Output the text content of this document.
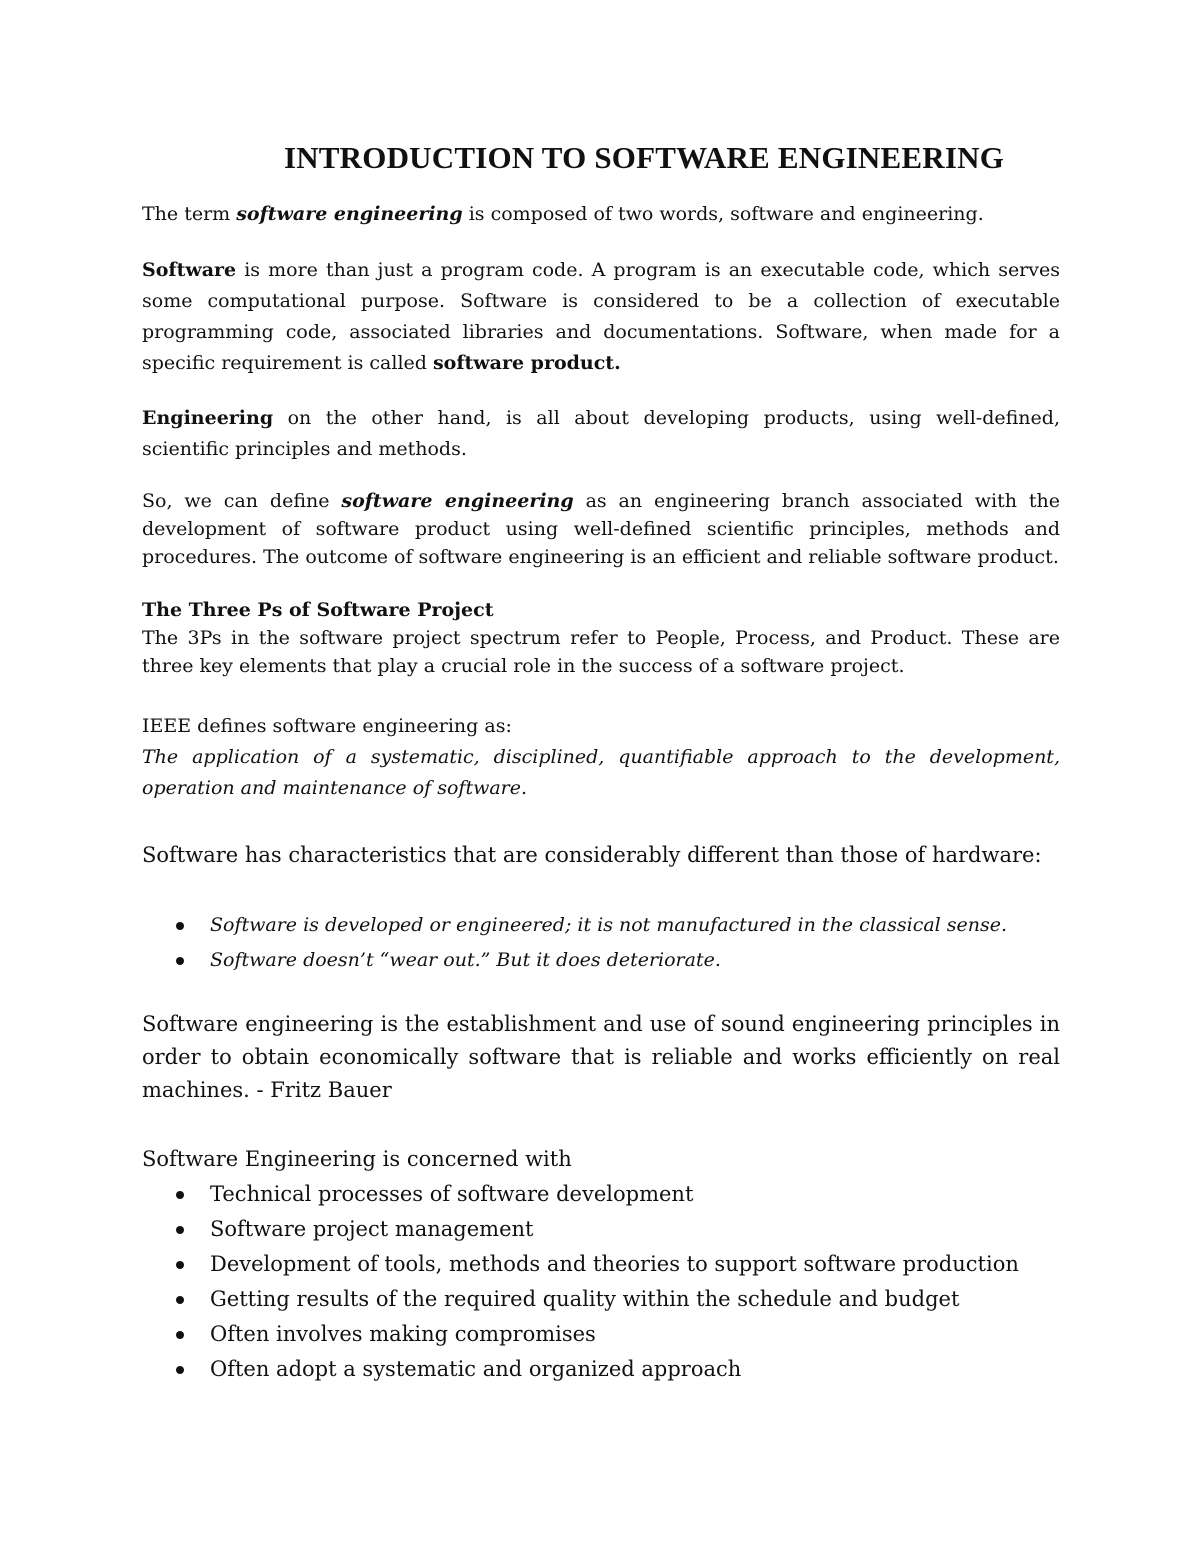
INTRODUCTION TO SOFTWARE ENGINEERING

The term software engineering is composed of two words, software and engineering.

Software is more than just a program code. A program is an executable code, which serves some computational purpose. Software is considered to be a collection of executable programming code, associated libraries and documentations. Software, when made for a specific requirement is called software product.

Engineering on the other hand, is all about developing products, using well-defined, scientific principles and methods.

So, we can define software engineering as an engineering branch associated with the development of software product using well-defined scientific principles, methods and procedures. The outcome of software engineering is an efficient and reliable software product.

The Three Ps of Software Project
The 3Ps in the software project spectrum refer to People, Process, and Product. These are three key elements that play a crucial role in the success of a software project.

IEEE defines software engineering as:
The application of a systematic, disciplined, quantifiable approach to the development, operation and maintenance of software.

Software has characteristics that are considerably different than those of hardware:

Software is developed or engineered; it is not manufactured in the classical sense.
Software doesn’t “wear out.” But it does deteriorate.

Software engineering is the establishment and use of sound engineering principles in order to obtain economically software that is reliable and works efficiently on real machines. - Fritz Bauer

Software Engineering is concerned with

Technical processes of software development
Software project management
Development of tools, methods and theories to support software production
Getting results of the required quality within the schedule and budget
Often involves making compromises
Often adopt a systematic and organized approach
